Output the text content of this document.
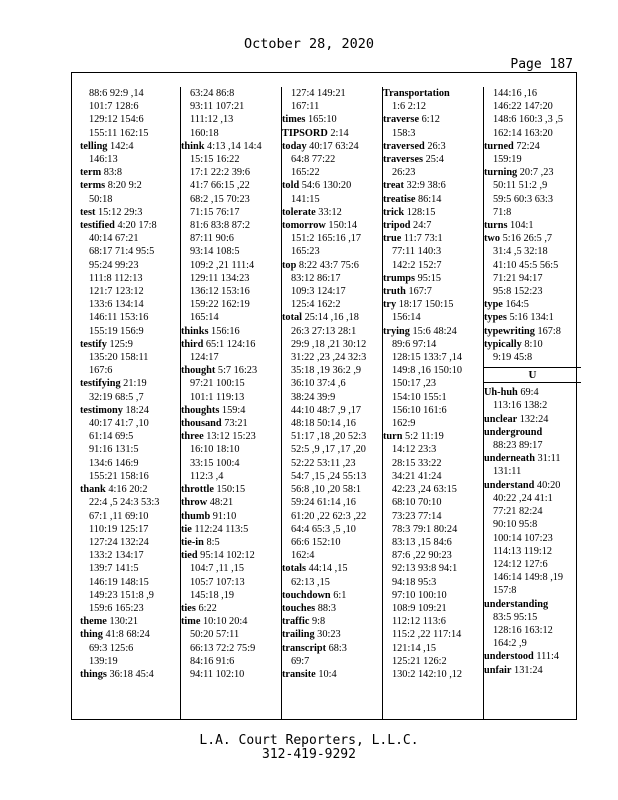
October 28, 2020
Page 187
88:6 92:9 ,14
101:7 128:6
129:12 154:6
155:11 162:15
telling 142:4
146:13
term 83:8
terms 8:20 9:2
50:18
test 15:12 29:3
testified 4:20 17:8
40:14 67:21
68:17 71:4 95:5
95:24 99:23
111:8 112:13
121:7 123:12
133:6 134:14
146:11 153:16
155:19 156:9
testify 125:9
135:20 158:11
167:6
testifying 21:19
32:19 68:5 ,7
testimony 18:24
40:17 41:7 ,10
61:14 69:5
91:16 131:5
134:6 146:9
155:21 158:16
thank 4:16 20:2
22:4 ,5 24:3 53:3
67:1 ,11 69:10
110:19 125:17
127:24 132:24
133:2 134:17
139:7 141:5
146:19 148:15
149:23 151:8 ,9
159:6 165:23
theme 130:21
thing 41:8 68:24
69:3 125:6
139:19
things 36:18 45:4
63:24 86:8
93:11 107:21
111:12 ,13
160:18
think 4:13 ,14 14:4
15:15 16:22
17:1 22:2 39:6
41:7 66:15 ,22
68:2 ,15 70:23
71:15 76:17
81:6 83:8 87:2
87:11 90:6
93:14 108:5
109:2 ,21 111:4
129:11 134:23
136:12 153:16
159:22 162:19
165:14
thinks 156:16
third 65:1 124:16
124:17
thought 5:7 16:23
97:21 100:15
101:1 119:13
thoughts 159:4
thousand 73:21
three 13:12 15:23
16:10 18:10
33:15 100:4
112:3 ,4
throttle 150:15
throw 48:21
thumb 91:10
tie 112:24 113:5
tie-in 8:5
tied 95:14 102:12
104:7 ,11 ,15
105:7 107:13
145:18 ,19
ties 6:22
time 10:10 20:4
50:20 57:11
66:13 72:2 75:9
84:16 91:6
94:11 102:10
127:4 149:21
167:11
times 165:10
TIPSORD 2:14
today 40:17 63:24
64:8 77:22
165:22
told 54:6 130:20
141:15
tolerate 33:12
tomorrow 150:14
151:2 165:16 ,17
165:23
top 8:22 43:7 75:6
83:12 86:17
109:3 124:17
125:4 162:2
total 25:14 ,16 ,18
26:3 27:13 28:1
29:9 ,18 ,21 30:12
31:22 ,23 ,24 32:3
35:18 ,19 36:2 ,9
36:10 37:4 ,6
38:24 39:9
44:10 48:7 ,9 ,17
48:18 50:14 ,16
51:17 ,18 ,20 52:3
52:5 ,9 ,17 ,17 ,20
52:22 53:11 ,23
54:7 ,15 ,24 55:13
56:8 ,10 ,20 58:1
59:24 61:14 ,16
61:20 ,22 62:3 ,22
64:4 65:3 ,5 ,10
66:6 152:10
162:4
totals 44:14 ,15
62:13 ,15
touchdown 6:1
touches 88:3
traffic 9:8
trailing 30:23
transcript 68:3
69:7
transite 10:4
Transportation
1:6 2:12
traverse 6:12
158:3
traversed 26:3
traverses 25:4
26:23
treat 32:9 38:6
treatise 86:14
trick 128:15
tripod 24:7
true 11:7 73:1
77:11 140:3
142:2 152:7
trumps 95:15
truth 167:7
try 18:17 150:15
156:14
trying 15:6 48:24
89:6 97:14
128:15 133:7 ,14
149:8 ,16 150:10
150:17 ,23
154:10 155:1
156:10 161:6
162:9
turn 5:2 11:19
14:12 23:3
28:15 33:22
34:21 41:24
42:23 ,24 63:15
68:10 70:10
73:23 77:14
78:3 79:1 80:24
83:13 ,15 84:6
87:6 ,22 90:23
92:13 93:8 94:1
94:18 95:3
97:10 100:10
108:9 109:21
112:12 113:6
115:2 ,22 117:14
121:14 ,15
125:21 126:2
130:2 142:10 ,12
144:16 ,16
146:22 147:20
148:6 160:3 ,3 ,5
162:14 163:20
turned 72:24
159:19
turning 20:7 ,23
50:11 51:2 ,9
59:5 60:3 63:3
71:8
turns 104:1
two 5:16 26:5 ,7
31:4 ,5 32:18
41:10 45:5 56:5
71:21 94:17
95:8 152:23
type 164:5
types 5:16 134:1
typewriting 167:8
typically 8:10
9:19 45:8
U
Uh-huh 69:4
113:16 138:2
unclear 132:24
underground
88:23 89:17
underneath 31:11
131:11
understand 40:20
40:22 ,24 41:1
77:21 82:24
90:10 95:8
100:14 107:23
114:13 119:12
124:12 127:6
146:14 149:8 ,19
157:8
understanding
83:5 95:15
128:16 163:12
164:2 ,9
understood 111:4
unfair 131:24
L.A. Court Reporters, L.L.C.
312-419-9292
